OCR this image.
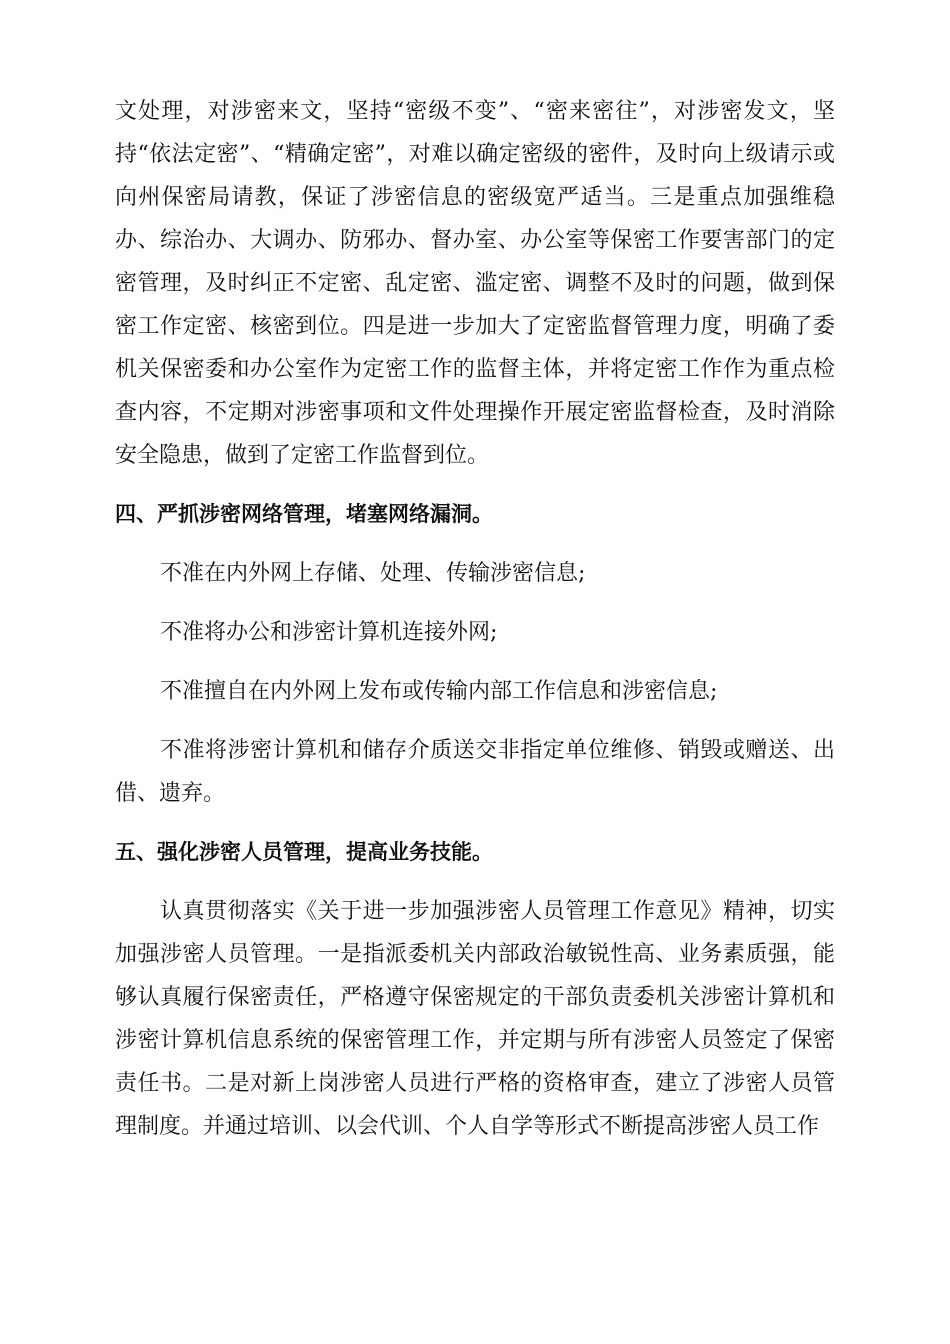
文处理，对涉密来文，坚持“密级不变”、“密来密往”，对涉密发文，坚持“依法定密”、“精确定密”，对难以确定密级的密件，及时向上级请示或向州保密局请教，保证了涉密信息的密级宽严适当。三是重点加强维稳办、综治办、大调办、防邪办、督办室、办公室等保密工作要害部门的定密管理，及时纠正不定密、乱定密、滥定密、调整不及时的问题，做到保密工作定密、核密到位。四是进一步加大了定密监督管理力度，明确了委机关保密委和办公室作为定密工作的监督主体，并将定密工作作为重点检查内容，不定期对涉密事项和文件处理操作开展定密监督检查，及时消除安全隐患，做到了定密工作监督到位。

四、严抓涉密网络管理，堵塞网络漏洞。

不准在内外网上存储、处理、传输涉密信息;

不准将办公和涉密计算机连接外网;

不准擅自在内外网上发布或传输内部工作信息和涉密信息;

不准将涉密计算机和储存介质送交非指定单位维修、销毁或赠送、出借、遗弃。

五、强化涉密人员管理，提高业务技能。

认真贯彻落实《关于进一步加强涉密人员管理工作意见》精神，切实加强涉密人员管理。一是指派委机关内部政治敏锐性高、业务素质强，能够认真履行保密责任，严格遵守保密规定的干部负责委机关涉密计算机和涉密计算机信息系统的保密管理工作，并定期与所有涉密人员签定了保密责任书。二是对新上岗涉密人员进行严格的资格审查，建立了涉密人员管理制度。并通过培训、以会代训、个人自学等形式不断提高涉密人员工作
